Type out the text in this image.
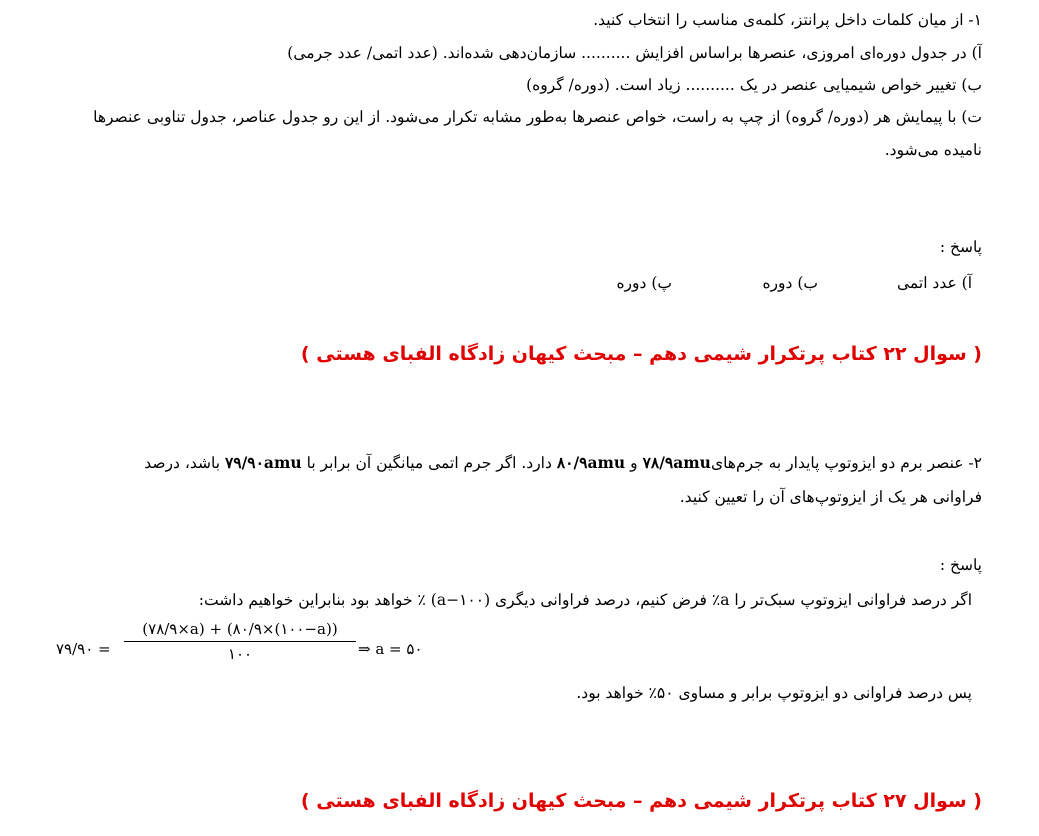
۱- از میان کلمات داخل پرانتز، کلمه‌ی مناسب را انتخاب کنید.
آ) در جدول دوره‌ای امروزی، عنصرها براساس افزایش .......... سازمان‌دهی شده‌اند. (عدد اتمی/ عدد جرمی)
ب) تغییر خواص شیمیایی عنصر در یک .......... زیاد است. (دوره/ گروه)
ت) با پیمایش هر (دوره/ گروه) از چپ به راست، خواص عنصرها به‌طور مشابه تکرار می‌شود. از این رو جدول عناصر، جدول تناوبی عنصرها
نامیده می‌شود.
پاسخ :
آ) عدد اتمی
ب) دوره
پ) دوره
( سوال ۲۲ کتاب پرتکرار شیمی دهم – مبحث کیهان زادگاه الفبای هستی )
۲- عنصر برم دو ایزوتوپ پایدار به جرم‌های۷۸/۹amu و ۸۰/۹amu دارد. اگر جرم اتمی میانگین آن برابر با ۷۹/۹۰amu باشد، درصد
فراوانی هر یک از ایزوتوپ‌های آن را تعیین کنید.
پاسخ :
اگر درصد فراوانی ایزوتوپ سبک‌تر را a٪ فرض کنیم، درصد فراوانی دیگری (۱۰۰−a) ٪ خواهد بود بنابراین خواهیم داشت:
۷۹/۹۰ =
(۷۸/۹×a) + (۸۰/۹×(۱۰۰−a))
۱۰۰	⇒ a = ۵۰
پس درصد فراوانی دو ایزوتوپ برابر و مساوی ۵۰٪ خواهد بود.
( سوال ۲۷ کتاب پرتکرار شیمی دهم – مبحث کیهان زادگاه الفبای هستی )
